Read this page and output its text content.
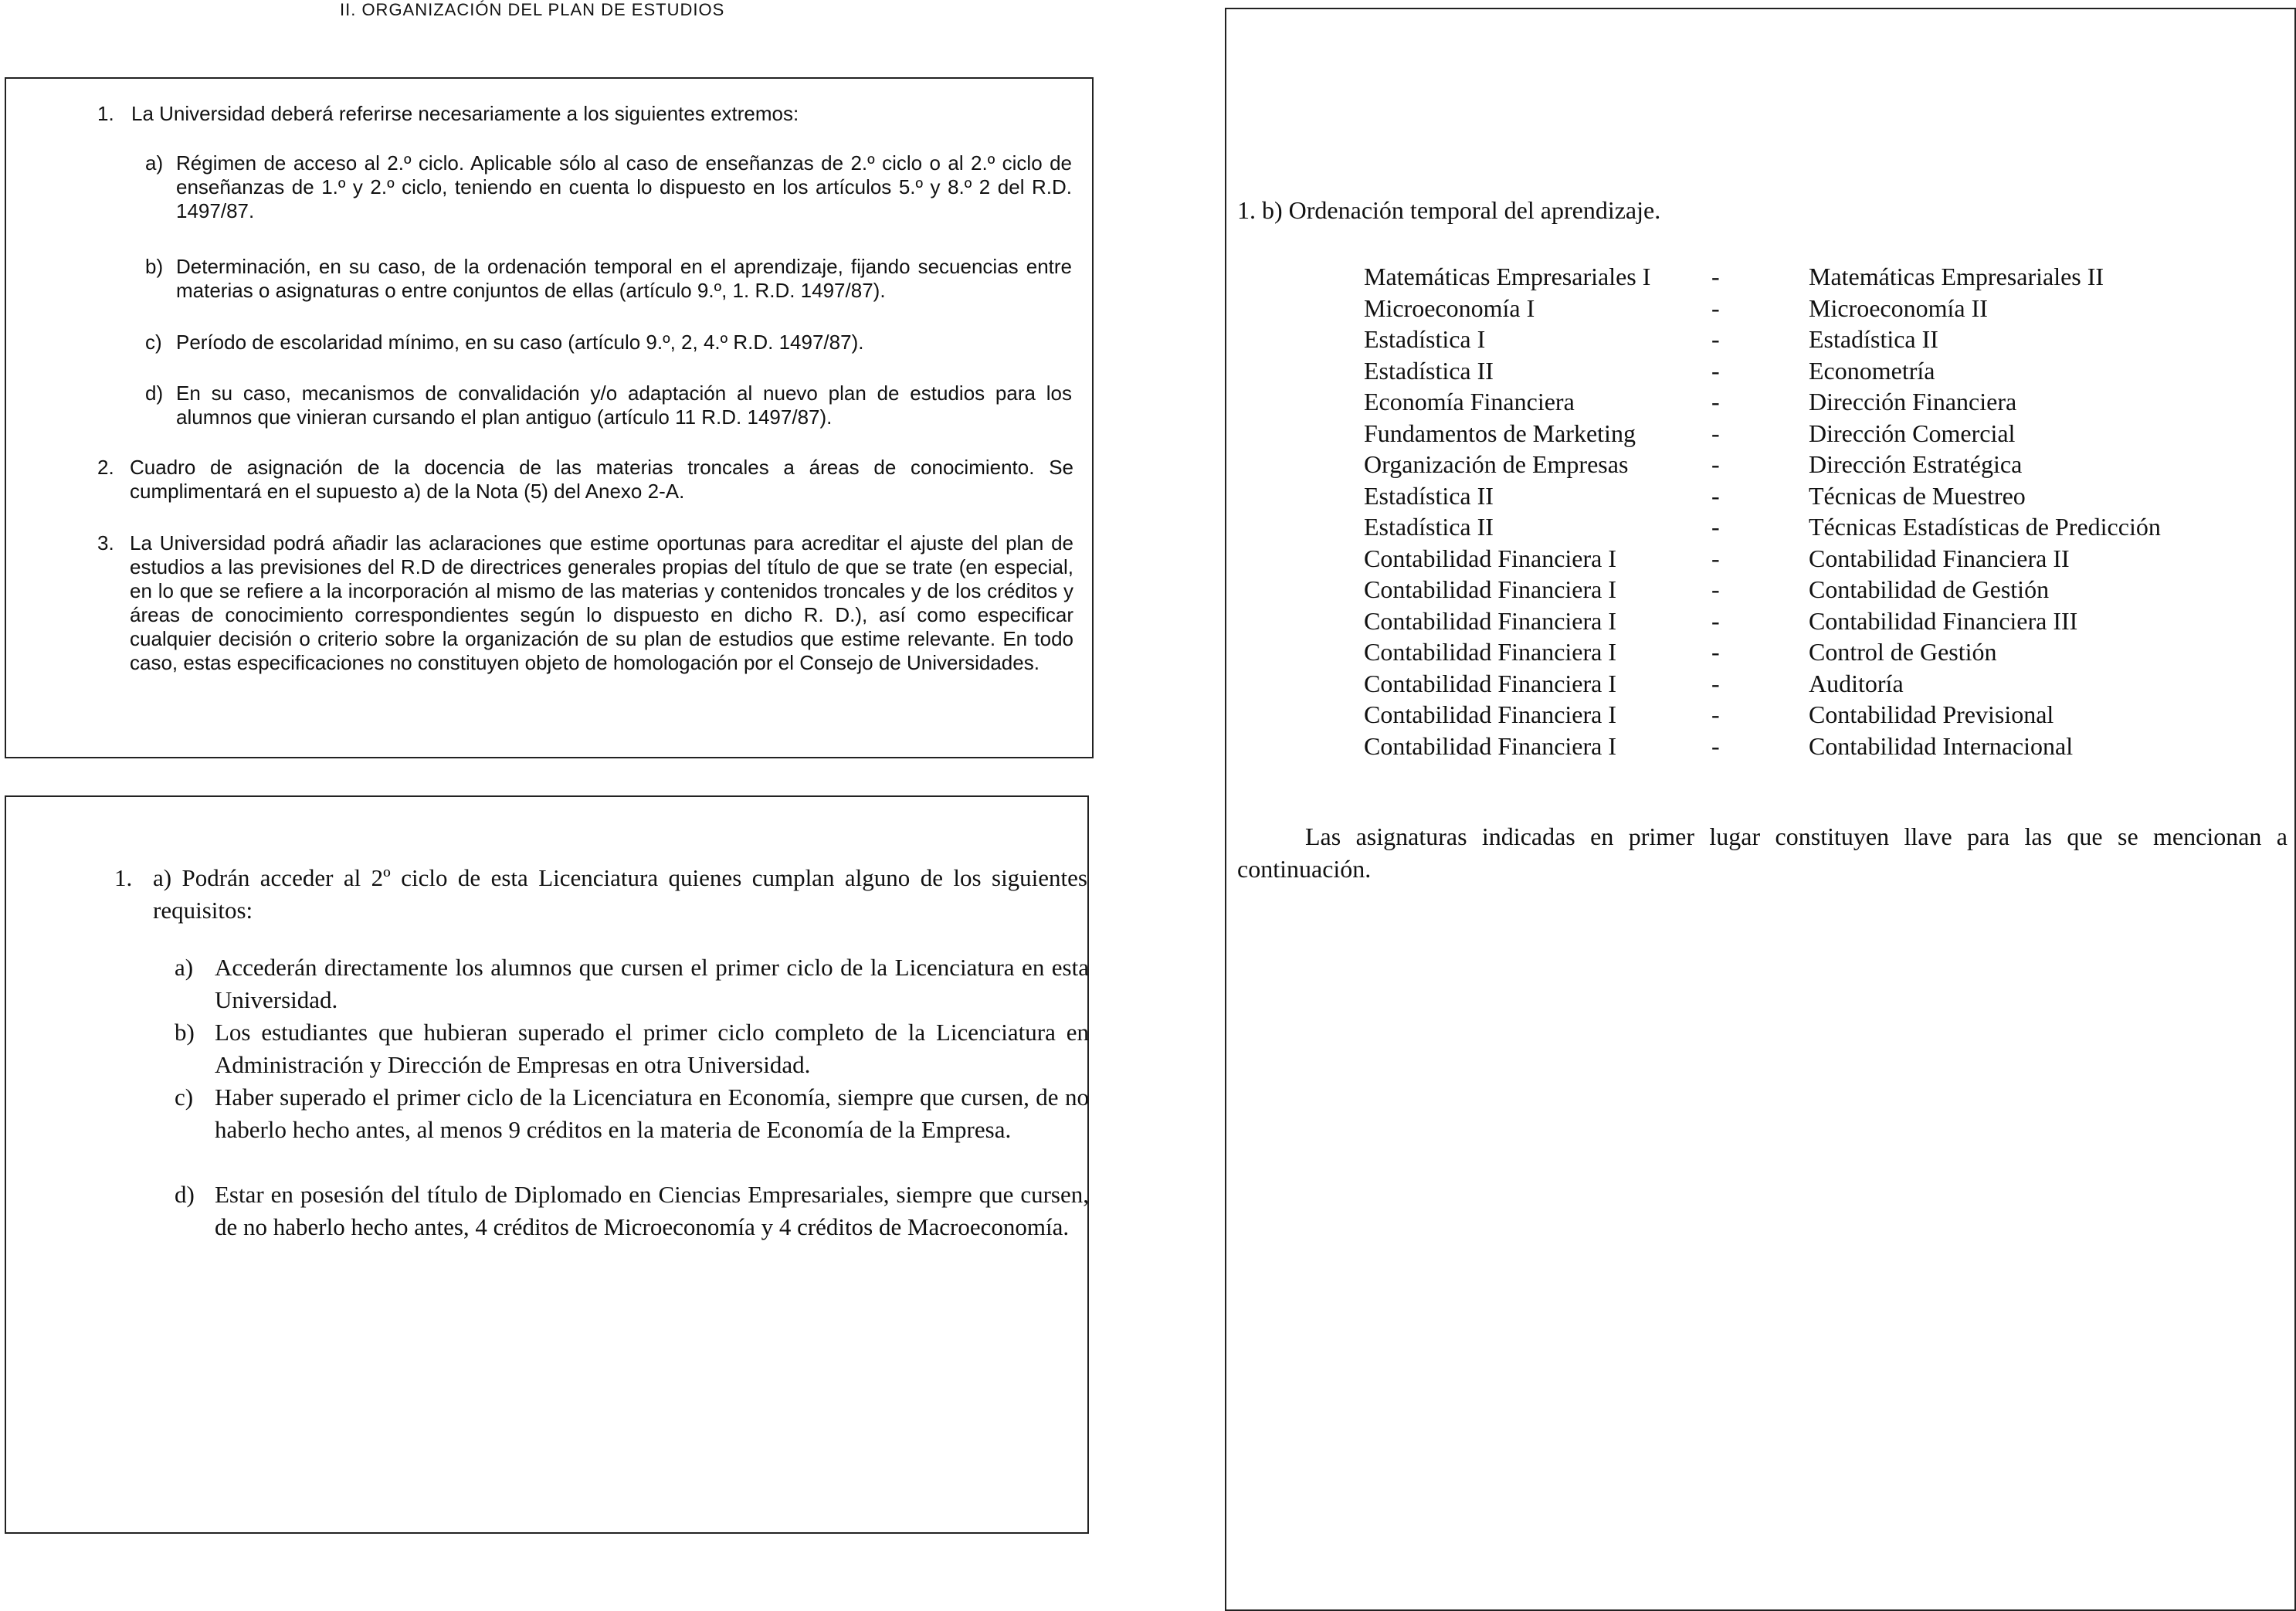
II. ORGANIZACIÓN DEL PLAN DE ESTUDIOS
1. La Universidad deberá referirse necesariamente a los siguientes extremos:
a) Régimen de acceso al 2.º ciclo. Aplicable sólo al caso de enseñanzas de 2.º ciclo o al 2.º ciclo de enseñanzas de 1.º y 2.º ciclo, teniendo en cuenta lo dispuesto en los artículos 5.º y 8.º 2 del R.D. 1497/87.
b) Determinación, en su caso, de la ordenación temporal en el aprendizaje, fijando secuencias entre materias o asignaturas o entre conjuntos de ellas (artículo 9.º, 1. R.D. 1497/87).
c) Período de escolaridad mínimo, en su caso (artículo 9.º, 2, 4.º R.D. 1497/87).
d) En su caso, mecanismos de convalidación y/o adaptación al nuevo plan de estudios para los alumnos que vinieran cursando el plan antiguo (artículo 11 R.D. 1497/87).
2. Cuadro de asignación de la docencia de las materias troncales a áreas de conocimiento. Se cumplimentará en el supuesto a) de la Nota (5) del Anexo 2-A.
3. La Universidad podrá añadir las aclaraciones que estime oportunas para acreditar el ajuste del plan de estudios a las previsiones del R.D de directrices generales propias del título de que se trate (en especial, en lo que se refiere a la incorporación al mismo de las materias y contenidos troncales y de los créditos y áreas de conocimiento correspondientes según lo dispuesto en dicho R. D.), así como especificar cualquier decisión o criterio sobre la organización de su plan de estudios que estime relevante. En todo caso, estas especificaciones no constituyen objeto de homologación por el Consejo de Universidades.
1. a) Podrán acceder al 2º ciclo de esta Licenciatura quienes cumplan alguno de los siguientes requisitos:
a) Accederán directamente los alumnos que cursen el primer ciclo de la Licenciatura en esta Universidad.
b) Los estudiantes que hubieran superado el primer ciclo completo de la Licenciatura en Administración y Dirección de Empresas en otra Universidad.
c) Haber superado el primer ciclo de la Licenciatura en Economía, siempre que cursen, de no haberlo hecho antes, al menos 9 créditos en la materia de Economía de la Empresa.
d) Estar en posesión del título de Diplomado en Ciencias Empresariales, siempre que cursen, de no haberlo hecho antes, 4 créditos de Microeconomía y 4 créditos de Macroeconomía.
1. b) Ordenación temporal del aprendizaje.
Matemáticas Empresariales I -	Matemáticas Empresariales II
Microeconomía I	-	Microeconomía II
Estadística I	-	Estadística II
Estadística II	-	Econometría
Economía Financiera	-	Dirección Financiera
Fundamentos de Marketing	-	Dirección Comercial
Organización de Empresas	-	Dirección Estratégica
Estadística II	-	Técnicas de Muestreo
Estadística II	-	Técnicas Estadísticas de Predicción
Contabilidad Financiera I	-	Contabilidad Financiera II
Contabilidad Financiera I	-	Contabilidad de Gestión
Contabilidad Financiera I	-	Contabilidad Financiera III
Contabilidad Financiera I	-	Control de Gestión
Contabilidad Financiera I	-	Auditoría
Contabilidad Financiera I	-	Contabilidad Previsional
Contabilidad Financiera I	-	Contabilidad Internacional
Las asignaturas indicadas en primer lugar constituyen llave para las que se mencionan a continuación.
